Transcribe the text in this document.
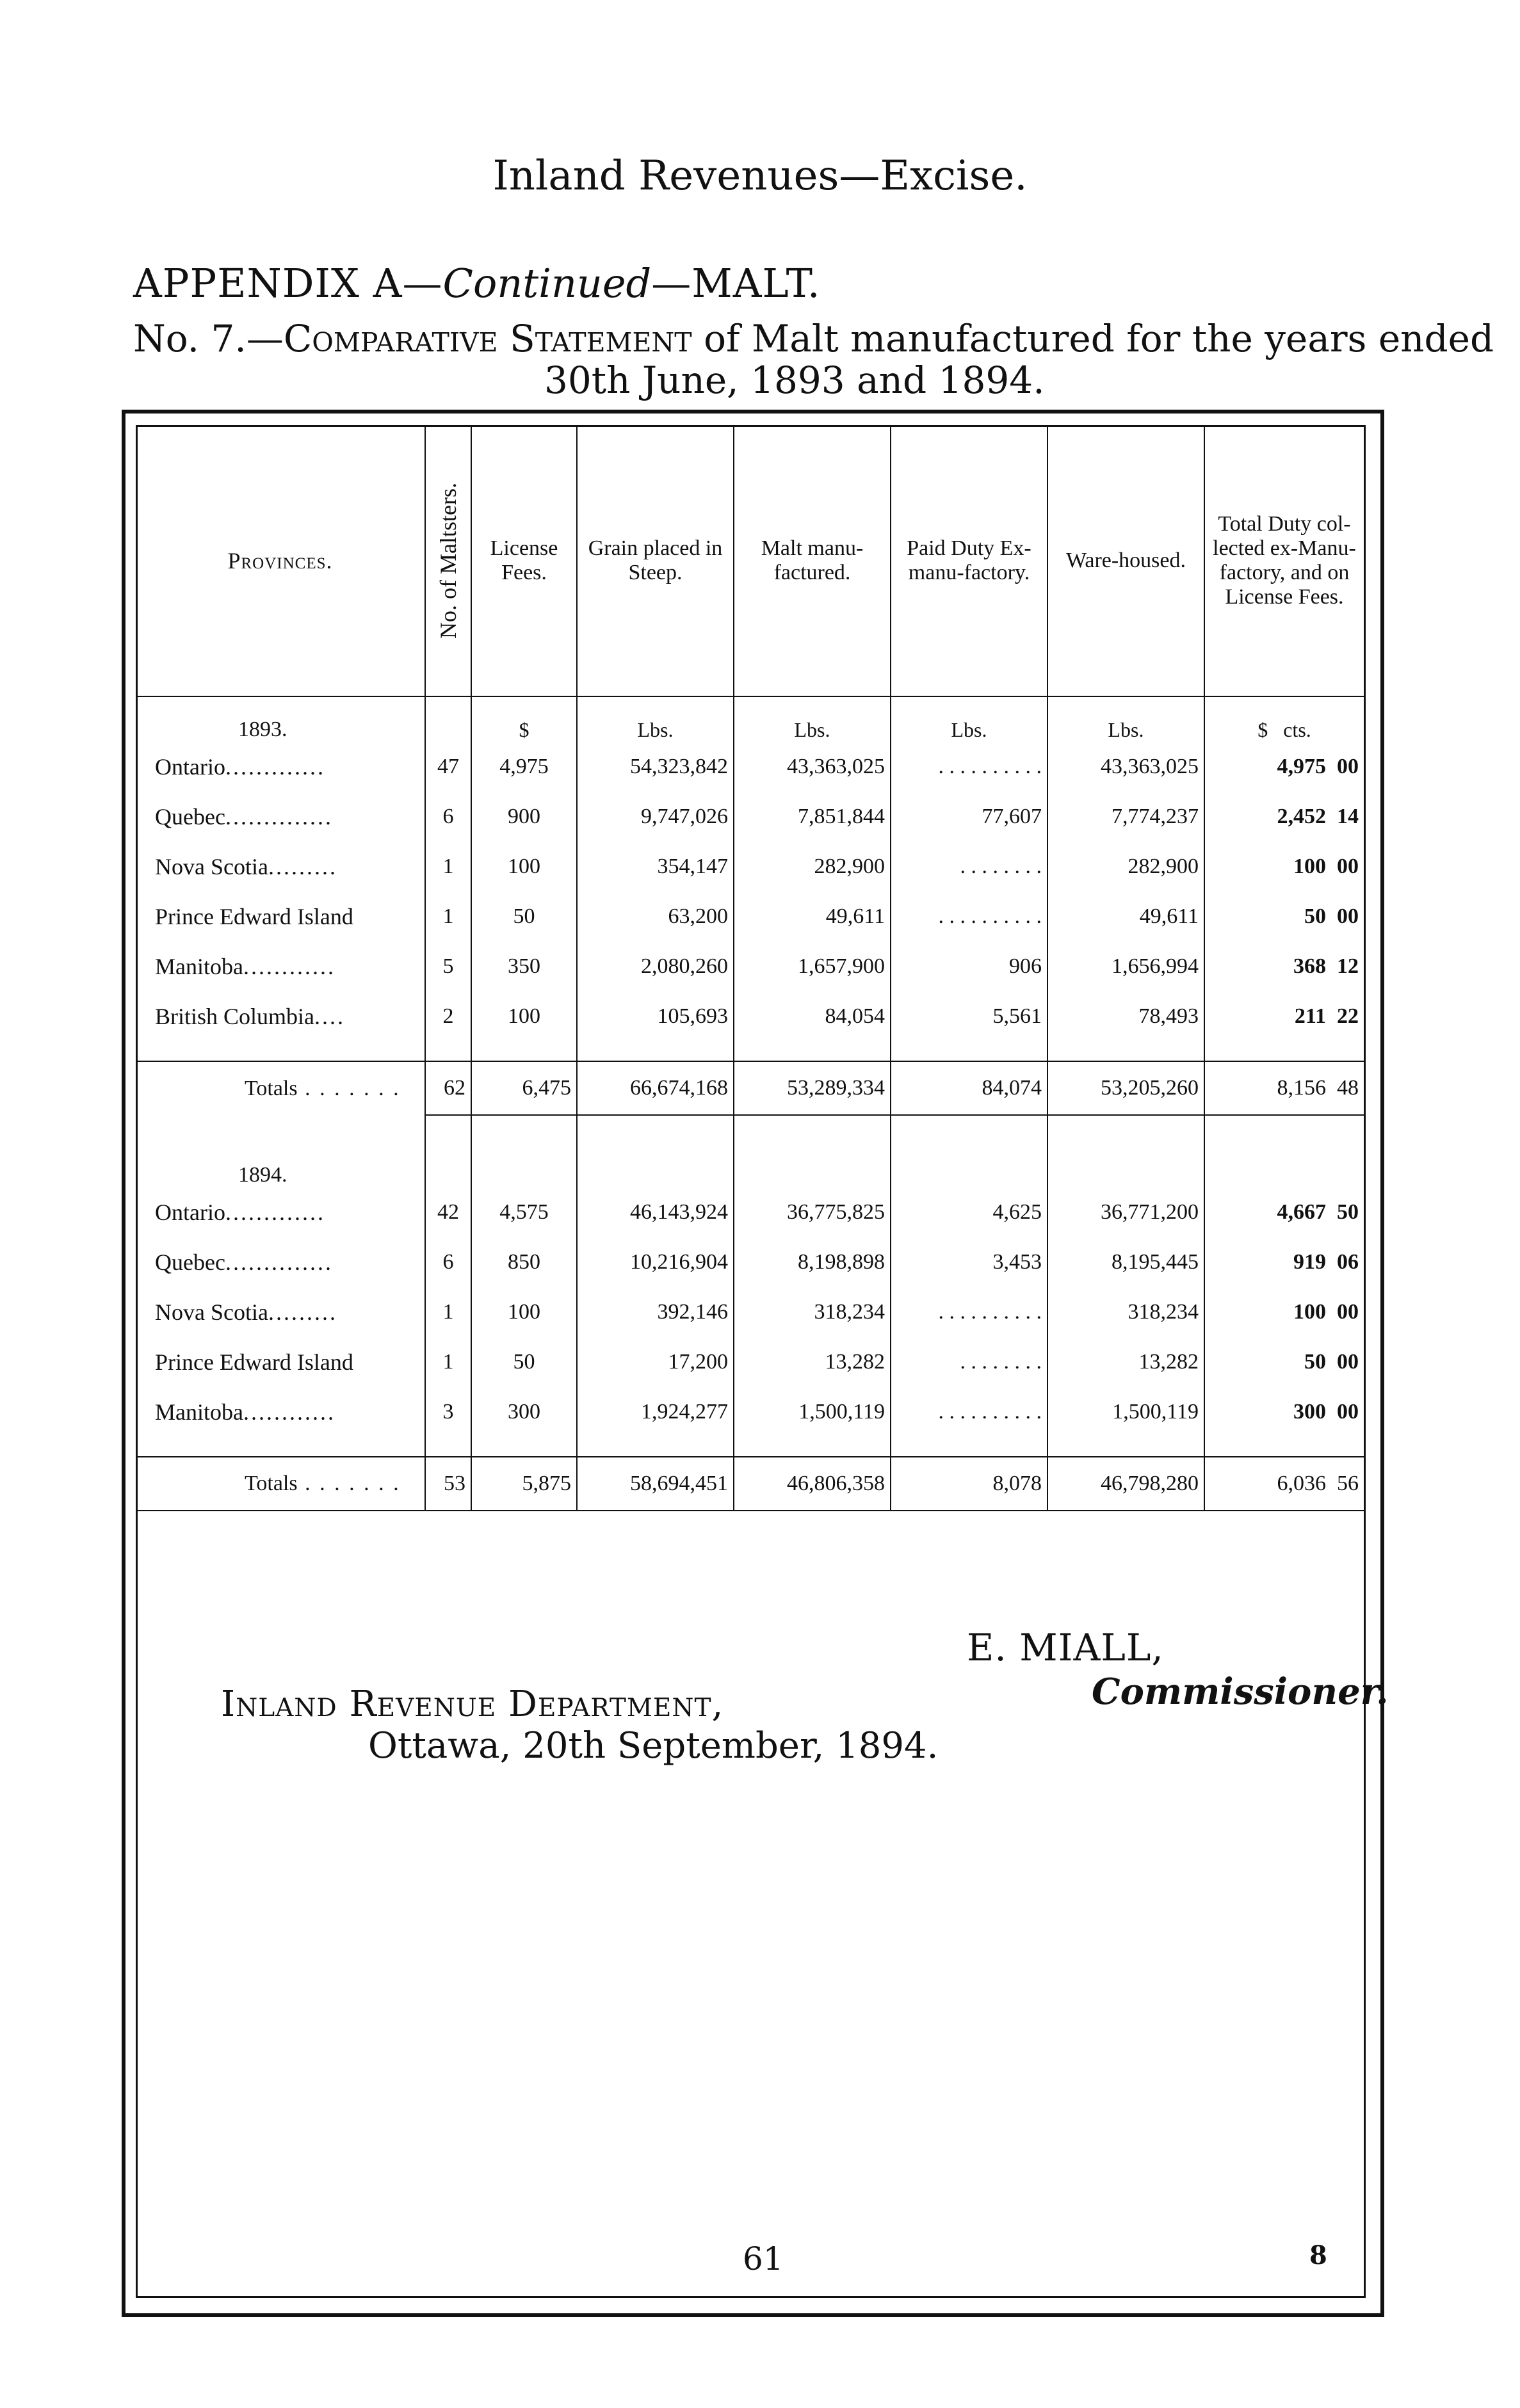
Inland Revenues—Excise.
APPENDIX A—Continued—MALT.
No. 7.—Comparative Statement of Malt manufactured for the years ended
30th June, 1893 and 1894.
Provinces.	No. of Maltsters.	License Fees.	Grain placed in Steep.	Malt manu-factured.	Paid Duty Ex-manu-factory.	Ware-housed.	Total Duty col-lected ex-Manu-factory, and on License Fees.

1893.		$	Lbs.	Lbs.	Lbs.	Lbs.	$   cts.
Ontario.............	47	4,975	54,323,842	43,363,025	. . . . . . . . . .	43,363,025	4,975 00
Quebec..............	6	900	9,747,026	7,851,844	77,607	7,774,237	2,452 14
Nova Scotia.........	1	100	354,147	282,900	. . . . . . . .	282,900	100 00
Prince Edward Island	1	50	63,200	49,611	. . . . . . . . . .	49,611	50 00
Manitoba............	5	350	2,080,260	1,657,900	906	1,656,994	368 12
British Columbia....	2	100	105,693	84,054	5,561	78,493	211 22

Totals . . . . . . .	62	6,475	66,674,168	53,289,334	84,074	53,205,260	8,156 48

1894.							
Ontario.............	42	4,575	46,143,924	36,775,825	4,625	36,771,200	4,667 50
Quebec..............	6	850	10,216,904	8,198,898	3,453	8,195,445	919 06
Nova Scotia.........	1	100	392,146	318,234	. . . . . . . . . .	318,234	100 00
Prince Edward Island	1	50	17,200	13,282	. . . . . . . .	13,282	50 00
Manitoba............	3	300	1,924,277	1,500,119	. . . . . . . . . .	1,500,119	300 00

Totals . . . . . . .	53	5,875	58,694,451	46,806,358	8,078	46,798,280	6,036 56

E. MIALL,
Commissioner.
Inland Revenue Department,
Ottawa, 20th September, 1894.
61	8
